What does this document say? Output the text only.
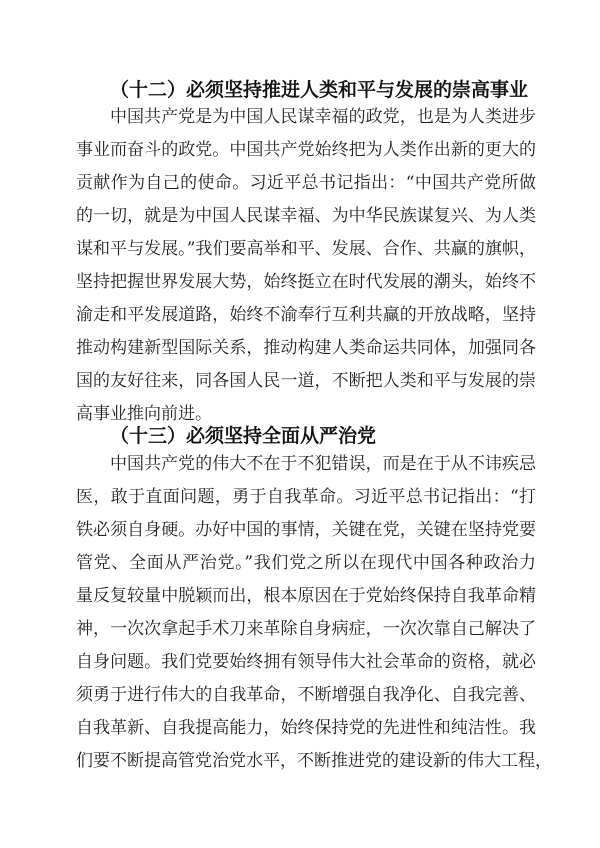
（十二）必须坚持推进人类和平与发展的崇高事业
中国共产党是为中国人民谋幸福的政党，也是为人类进步
事业而奋斗的政党。中国共产党始终把为人类作出新的更大的
贡献作为自己的使命。习近平总书记指出：“中国共产党所做
的一切，就是为中国人民谋幸福、为中华民族谋复兴、为人类
谋和平与发展。”我们要高举和平、发展、合作、共赢的旗帜，
坚持把握世界发展大势，始终挺立在时代发展的潮头，始终不
渝走和平发展道路，始终不渝奉行互利共赢的开放战略，坚持
推动构建新型国际关系，推动构建人类命运共同体，加强同各
国的友好往来，同各国人民一道，不断把人类和平与发展的崇
高事业推向前进。
（十三）必须坚持全面从严治党
中国共产党的伟大不在于不犯错误，而是在于从不讳疾忌
医，敢于直面问题，勇于自我革命。习近平总书记指出：“打
铁必须自身硬。办好中国的事情，关键在党，关键在坚持党要
管党、全面从严治党。”我们党之所以在现代中国各种政治力
量反复较量中脱颖而出，根本原因在于党始终保持自我革命精
神，一次次拿起手术刀来革除自身病症，一次次靠自己解决了
自身问题。我们党要始终拥有领导伟大社会革命的资格，就必
须勇于进行伟大的自我革命，不断增强自我净化、自我完善、
自我革新、自我提高能力，始终保持党的先进性和纯洁性。我
们要不断提高管党治党水平，不断推进党的建设新的伟大工程，
